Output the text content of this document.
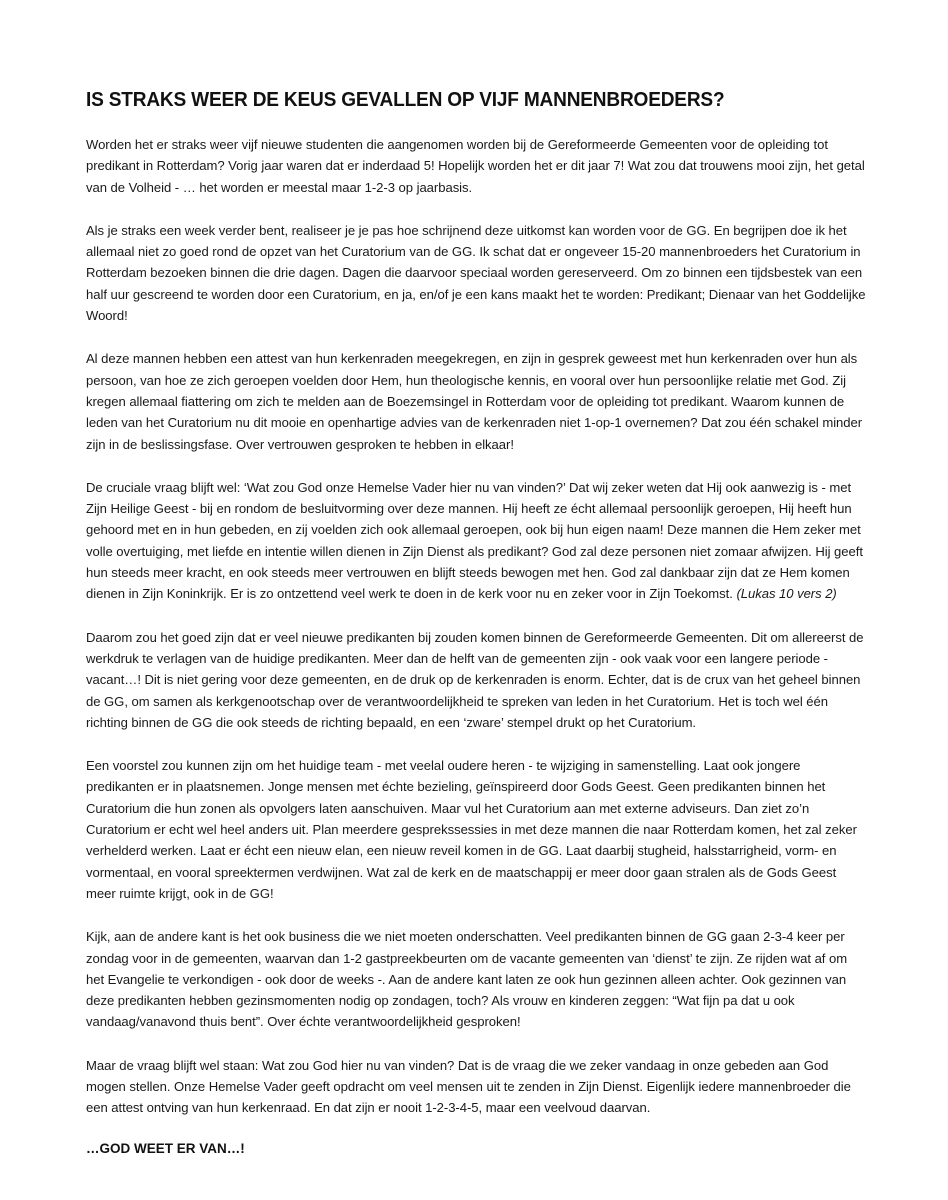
IS STRAKS WEER DE KEUS GEVALLEN OP VIJF MANNENBROEDERS?

Worden het er straks weer vijf nieuwe studenten die aangenomen worden bij de Gereformeerde Gemeenten voor de opleiding tot predikant in Rotterdam? Vorig jaar waren dat er inderdaad 5! Hopelijk worden het er dit jaar 7! Wat zou dat trouwens mooi zijn, het getal van de Volheid - … het worden er meestal maar 1-2-3 op jaarbasis.

Als je straks een week verder bent, realiseer je je pas hoe schrijnend deze uitkomst kan worden voor de GG. En begrijpen doe ik het allemaal niet zo goed rond de opzet van het Curatorium van de GG. Ik schat dat er ongeveer 15-20 mannenbroeders het Curatorium in Rotterdam bezoeken binnen die drie dagen. Dagen die daarvoor speciaal worden gereserveerd. Om zo binnen een tijdsbestek van een half uur gescreend te worden door een Curatorium, en ja, en/of je een kans maakt het te worden: Predikant; Dienaar van het Goddelijke Woord!

Al deze mannen hebben een attest van hun kerkenraden meegekregen, en zijn in gesprek geweest met hun kerkenraden over hun als persoon, van hoe ze zich geroepen voelden door Hem, hun theologische kennis, en vooral over hun persoonlijke relatie met God. Zij kregen allemaal fiattering om zich te melden aan de Boezemsingel in Rotterdam voor de opleiding tot predikant. Waarom kunnen de leden van het Curatorium nu dit mooie en openhartige advies van de kerkenraden niet 1-op-1 overnemen? Dat zou één schakel minder zijn in de beslissingsfase. Over vertrouwen gesproken te hebben in elkaar!

De cruciale vraag blijft wel: ‘Wat zou God onze Hemelse Vader hier nu van vinden?’ Dat wij zeker weten dat Hij ook aanwezig is - met Zijn Heilige Geest - bij en rondom de besluitvorming over deze mannen. Hij heeft ze écht allemaal persoonlijk geroepen, Hij heeft hun gehoord met en in hun gebeden, en zij voelden zich ook allemaal geroepen, ook bij hun eigen naam! Deze mannen die Hem zeker met volle overtuiging, met liefde en intentie willen dienen in Zijn Dienst als predikant? God zal deze personen niet zomaar afwijzen. Hij geeft hun steeds meer kracht, en ook steeds meer vertrouwen en blijft steeds bewogen met hen. God zal dankbaar zijn dat ze Hem komen dienen in Zijn Koninkrijk. Er is zo ontzettend veel werk te doen in de kerk voor nu en zeker voor in Zijn Toekomst. (Lukas 10 vers 2)

Daarom zou het goed zijn dat er veel nieuwe predikanten bij zouden komen binnen de Gereformeerde Gemeenten. Dit om allereerst de werkdruk te verlagen van de huidige predikanten. Meer dan de helft van de gemeenten zijn - ook vaak voor een langere periode - vacant…! Dit is niet gering voor deze gemeenten, en de druk op de kerkenraden is enorm. Echter, dat is de crux van het geheel binnen de GG, om samen als kerkgenootschap over de verantwoordelijkheid te spreken van leden in het Curatorium. Het is toch wel één richting binnen de GG die ook steeds de richting bepaald, en een ‘zware’ stempel drukt op het Curatorium.

Een voorstel zou kunnen zijn om het huidige team - met veelal oudere heren - te wijziging in samenstelling. Laat ook jongere predikanten er in plaatsnemen. Jonge mensen met échte bezieling, geïnspireerd door Gods Geest. Geen predikanten binnen het Curatorium die hun zonen als opvolgers laten aanschuiven. Maar vul het Curatorium aan met externe adviseurs. Dan ziet zo’n Curatorium er echt wel heel anders uit. Plan meerdere gesprekssessies in met deze mannen die naar Rotterdam komen, het zal zeker verhelderd werken. Laat er écht een nieuw elan, een nieuw reveil komen in de GG. Laat daarbij stugheid, halsstarrigheid, vorm- en vormentaal, en vooral spreektermen verdwijnen. Wat zal de kerk en de maatschappij er meer door gaan stralen als de Gods Geest meer ruimte krijgt, ook in de GG!

Kijk, aan de andere kant is het ook business die we niet moeten onderschatten. Veel predikanten binnen de GG gaan 2-3-4 keer per zondag voor in de gemeenten, waarvan dan 1-2 gastpreekbeurten om de vacante gemeenten van ‘dienst’ te zijn. Ze rijden wat af om het Evangelie te verkondigen - ook door de weeks -. Aan de andere kant laten ze ook hun gezinnen alleen achter. Ook gezinnen van deze predikanten hebben gezinsmomenten nodig op zondagen, toch? Als vrouw en kinderen zeggen: “Wat fijn pa dat u ook vandaag/vanavond thuis bent”. Over échte verantwoordelijkheid gesproken!

Maar de vraag blijft wel staan: Wat zou God hier nu van vinden? Dat is de vraag die we zeker vandaag in onze gebeden aan God mogen stellen. Onze Hemelse Vader geeft opdracht om veel mensen uit te zenden in Zijn Dienst. Eigenlijk iedere mannenbroeder die een attest ontving van hun kerkenraad. En dat zijn er nooit 1-2-3-4-5, maar een veelvoud daarvan.

…GOD WEET ER VAN…!
